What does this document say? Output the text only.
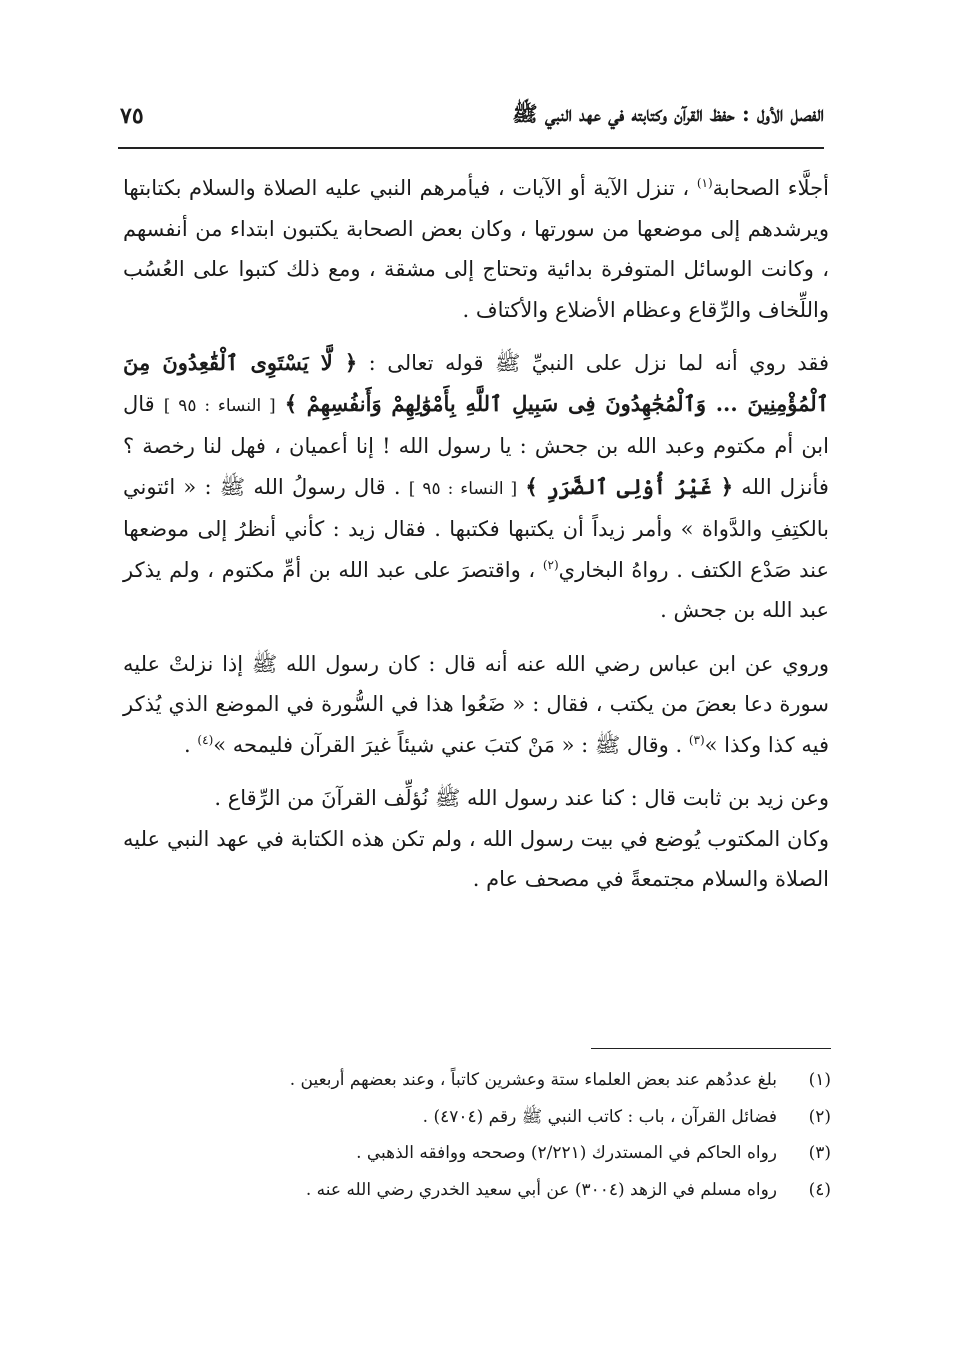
الفصل الأول : حفظ القرآن وكتابته في عهد النبي ﷺ
٧٥

أجلَّاء الصحابة$^{(١)}$ ، تنزل الآية أو الآيات ، فيأمرهم النبي عليه الصلاة والسلام بكتابتها ويرشدهم إلى موضعها من سورتها ، وكان بعض الصحابة يكتبون ابتداء من أنفسهم ، وكانت الوسائل المتوفرة بدائية وتحتاج إلى مشقة ، ومع ذلك كتبوا على العُسُب واللِّخاف والرِّقاع وعظام الأضلاع والأكتاف .

فقد روي أنه لما نزل على النبيِّ ﷺ قوله تعالى : ﴿ لَّا يَسْتَوِى ٱلْقَٰعِدُونَ مِنَ ٱلْمُؤْمِنِينَ ... وَٱلْمُجَٰهِدُونَ فِى سَبِيلِ ٱللَّهِ بِأَمْوَٰلِهِمْ وَأَنفُسِهِمْ ﴾ [ النساء : ٩٥ ] قال ابن أم مكتوم وعبد الله بن جحش : يا رسول الله ! إنا أعميان ، فهل لنا رخصة ؟ فأنزل الله ﴿ غَيْرُ أُوْلِى ٱلضَّرَرِ ﴾ [ النساء : ٩٥ ] . قال رسولُ الله ﷺ : « ائتوني بالكتِفِ والدَّواة » وأمر زيداً أن يكتبها فكتبها . فقال زيد : كأني أنظرُ إلى موضعها عند صَدْع الكتف . رواهُ البخاري$^{(٢)}$ ، واقتصرَ على عبد الله بن أمِّ مكتوم ، ولم يذكر عبد الله بن جحش .

وروي عن ابن عباس رضي الله عنه أنه قال : كان رسول الله ﷺ إذا نزلتْ عليه سورة دعا بعضَ من يكتب ، فقال : « ضَعُوا هذا في السُّورة في الموضع الذي يُذكر فيه كذا وكذا »$^{(٣)}$ . وقال ﷺ : « مَنْ كتبَ عني شيئاً غيرَ القرآن فليمحه »$^{(٤)}$ .

وعن زيد بن ثابت قال : كنا عند رسول الله ﷺ نُؤلِّف القرآنَ من الرِّقاع .

وكان المكتوب يُوضع في بيت رسول الله ، ولم تكن هذه الكتابة في عهد النبي عليه الصلاة والسلام مجتمعةً في مصحف عام .

(١)
بلغ عددُهم عند بعض العلماء ستة وعشرين كاتباً ، وعند بعضهم أربعين .
(٢)
فضائل القرآن ، باب : كاتب النبي ﷺ رقم (٤٧٠٤) .
(٣)
رواه الحاكم في المستدرك (٢/٢٢١) وصححه ووافقه الذهبي .
(٤)
رواه مسلم في الزهد (٣٠٠٤) عن أبي سعيد الخدري رضي الله عنه .
